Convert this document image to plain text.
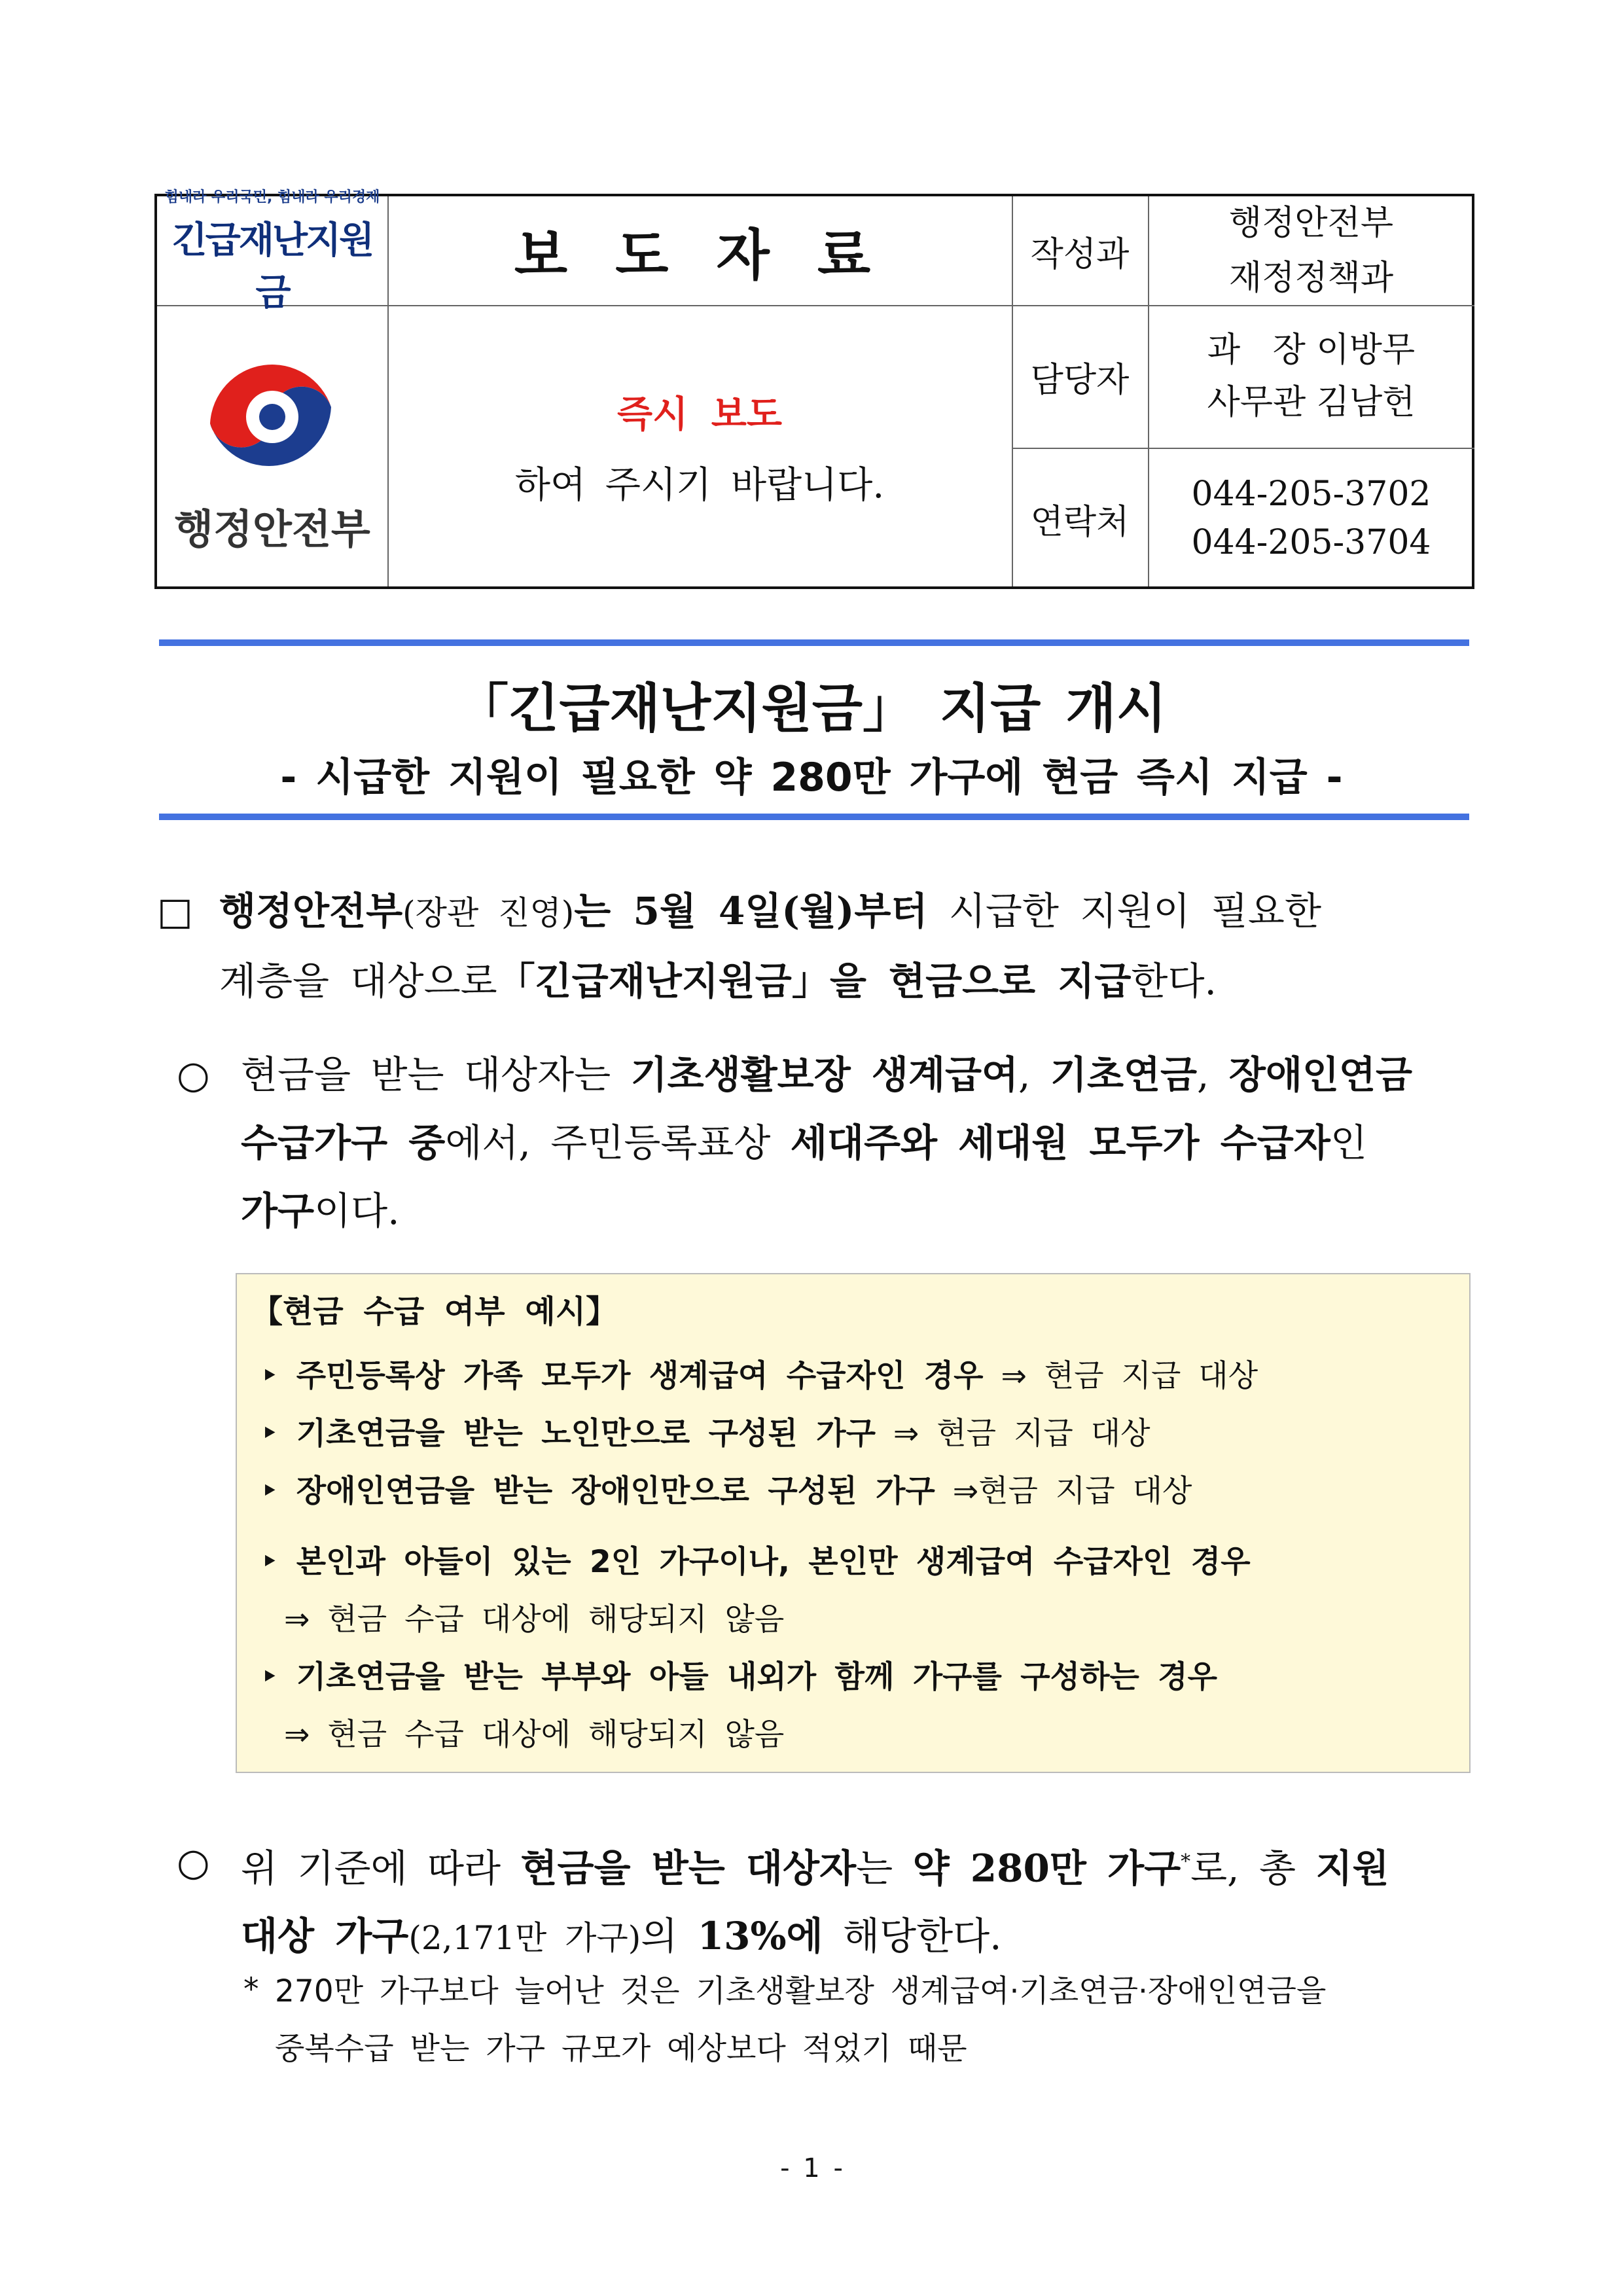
힘내라 우리국민, 힘내라 우리경제
긴급재난지원금
보 도 자 료
행정안전부
즉시 보도
하여 주시기 바랍니다.
작성과
담당자
연락처
행정안전부
재정정책과
과   장 이방무
사무관 김남헌
044-205-3702
044-205-3704
「긴급재난지원금」 지급 개시
- 시급한 지원이 필요한 약 280만 가구에 현금 즉시 지급 -
□ 행정안전부(장관 진영)는 5월 4일(월)부터 시급한 지원이 필요한
계층을 대상으로「긴급재난지원금」을 현금으로 지급한다.
○ 현금을 받는 대상자는 기초생활보장 생계급여, 기초연금, 장애인연금
수급가구 중에서, 주민등록표상 세대주와 세대원 모두가 수급자인
가구이다.
【현금 수급 여부 예시】
‣ 주민등록상 가족 모두가 생계급여 수급자인 경우 ⇒ 현금 지급 대상
‣ 기초연금을 받는 노인만으로 구성된 가구 ⇒ 현금 지급 대상
‣ 장애인연금을 받는 장애인만으로 구성된 가구 ⇒현금 지급 대상
‣ 본인과 아들이 있는 2인 가구이나, 본인만 생계급여 수급자인 경우
⇒ 현금 수급 대상에 해당되지 않음
‣ 기초연금을 받는 부부와 아들 내외가 함께 가구를 구성하는 경우
⇒ 현금 수급 대상에 해당되지 않음
○ 위 기준에 따라 현금을 받는 대상자는 약 280만 가구*로, 총 지원
대상 가구(2,171만 가구)의 13%에 해당한다.
* 270만 가구보다 늘어난 것은 기초생활보장 생계급여·기초연금·장애인연금을
중복수급 받는 가구 규모가 예상보다 적었기 때문
- 1 -
